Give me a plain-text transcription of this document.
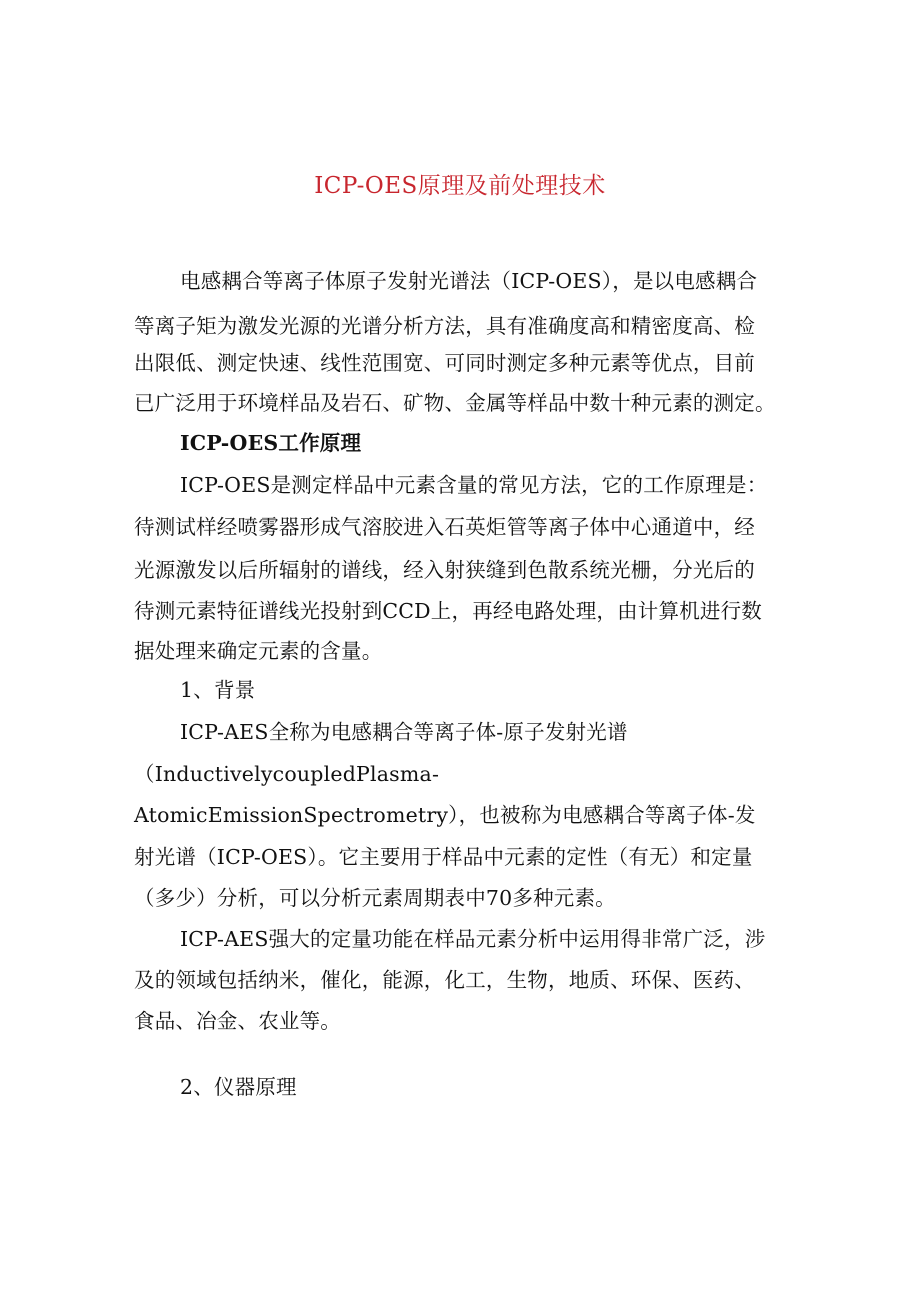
ICP-OES原理及前处理技术
电感耦合等离子体原子发射光谱法（ICP-OES），是以电感耦合
等离子矩为激发光源的光谱分析方法，具有准确度高和精密度高、检
出限低、测定快速、线性范围宽、可同时测定多种元素等优点，目前
已广泛用于环境样品及岩石、矿物、金属等样品中数十种元素的测定。
ICP-OES工作原理
ICP-OES是测定样品中元素含量的常见方法，它的工作原理是：
待测试样经喷雾器形成气溶胶进入石英炬管等离子体中心通道中，经
光源激发以后所辐射的谱线，经入射狭缝到色散系统光栅，分光后的
待测元素特征谱线光投射到CCD上，再经电路处理，由计算机进行数
据处理来确定元素的含量。
1、背景
ICP-AES全称为电感耦合等离子体-原子发射光谱
（InductivelycoupledPlasma-
AtomicEmissionSpectrometry），也被称为电感耦合等离子体-发
射光谱（ICP-OES）。它主要用于样品中元素的定性（有无）和定量
（多少）分析，可以分析元素周期表中70多种元素。
ICP-AES强大的定量功能在样品元素分析中运用得非常广泛，涉
及的领域包括纳米，催化，能源，化工，生物，地质、环保、医药、
食品、冶金、农业等。
2、仪器原理
